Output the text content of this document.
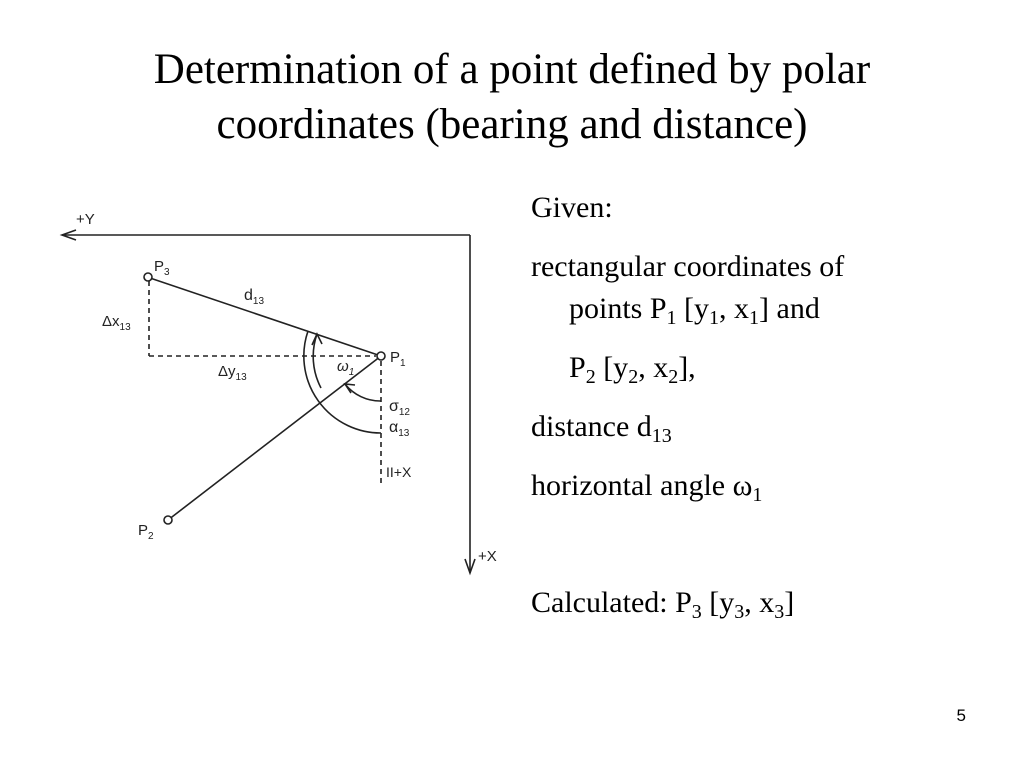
Determination of a point defined by polar
coordinates (bearing and distance)
+Y
+X
II+X
$P_3$
$P_1$
$P_2$
$d_{13}$
$\Delta x_{13}$
$\Delta y_{13}$
$\omega_1$
$\sigma_{12}$
$\alpha_{13}$
Given:
rectangular coordinates of
points $P_1$ [$y_1$, $x_1$] and
$P_2$ [$y_2$, $x_2$],
distance $d_{13}$
horizontal angle $\omega_1$
Calculated: $P_3$ [$y_3$, $x_3$]
5
